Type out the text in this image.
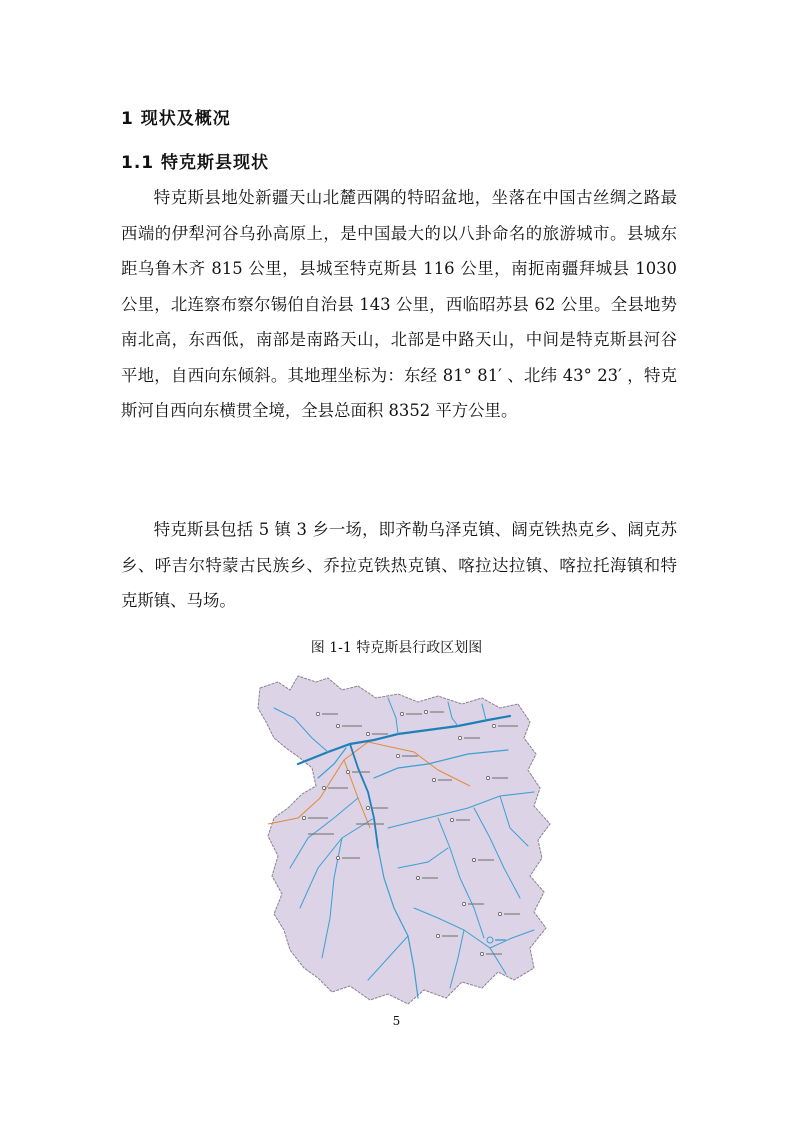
1 现状及概况
1.1 特克斯县现状

特克斯县地处新疆天山北麓西隅的特昭盆地，坐落在中国古丝绸之路最西端的伊犁河谷乌孙高原上，是中国最大的以八卦命名的旅游城市。县城东距乌鲁木齐 815 公里，县城至特克斯县 116 公里，南扼南疆拜城县 1030 公里，北连察布察尔锡伯自治县 143 公里，西临昭苏县 62 公里。全县地势南北高，东西低，南部是南路天山，北部是中路天山，中间是特克斯县河谷平地，自西向东倾斜。其地理坐标为：东经 81° 81′ 、北纬 43° 23′ ，特克斯河自西向东横贯全境，全县总面积 8352 平方公里。

特克斯县包括 5 镇 3 乡一场，即齐勒乌泽克镇、阔克铁热克乡、阔克苏乡、呼吉尔特蒙古民族乡、乔拉克铁热克镇、喀拉达拉镇、喀拉托海镇和特克斯镇、马场。

图 1-1 特克斯县行政区划图
5
